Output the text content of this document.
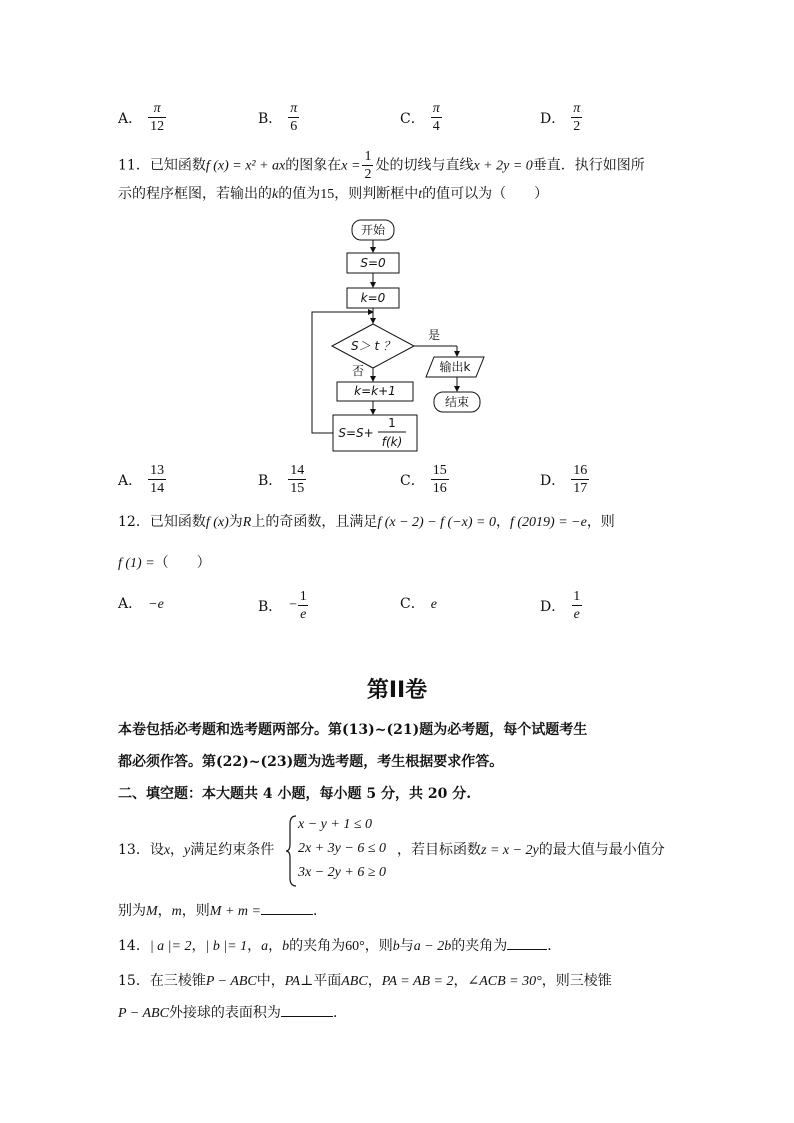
A． $\frac{\pi}{12}$	B． $\frac{\pi}{6}$	C． $\frac{\pi}{4}$	D． $\frac{\pi}{2}$
11．已知函数f (x) = x² + ax的图象在$x = \frac{1}{2}$ 处的切线与直线x + 2y = 0垂直．执行如图所
示的程序框图，若输出的k的值为15，则判断框中t的值可以为（　　）
开始
S=0
k=0
S＞ t ？
是
否	输出k
结束
k=k+1
S=S+
1
f(k)
A． $\frac{13}{14}$	B． $\frac{14}{15}$	C． $\frac{15}{16}$	D． $\frac{16}{17}$
12．已知函数f (x)为R上的奇函数，且满足f (x − 2) − f (−x) = 0，f (2019) = −e，则
f (1) =（　　）
A． −e	B． − $\frac{1}{e}$	C． e	D． $\frac{1}{e}$
第II卷
本卷包括必考题和选考题两部分。第(13)~(21)题为必考题，每个试题考生
都必须作答。第(22)~(23)题为选考题，考生根据要求作答。
二、填空题：本大题共 4 小题，每小题 5 分，共 20 分.
13．设x，y满足约束条件
x − y + 1 ≤ 0
2x + 3y − 6 ≤ 0
3x − 2y + 6 ≥ 0
，若目标函数z = x − 2y的最大值与最小值分
别为M，m，则M + m =	．
14．| a |= 2，| b |= 1，a，b的夹角为60°，则b与a − 2b的夹角为	．
15．在三棱锥P − ABC中，PA⊥平面ABC，PA = AB = 2，∠ACB = 30°，则三棱锥
P − ABC外接球的表面积为	．
